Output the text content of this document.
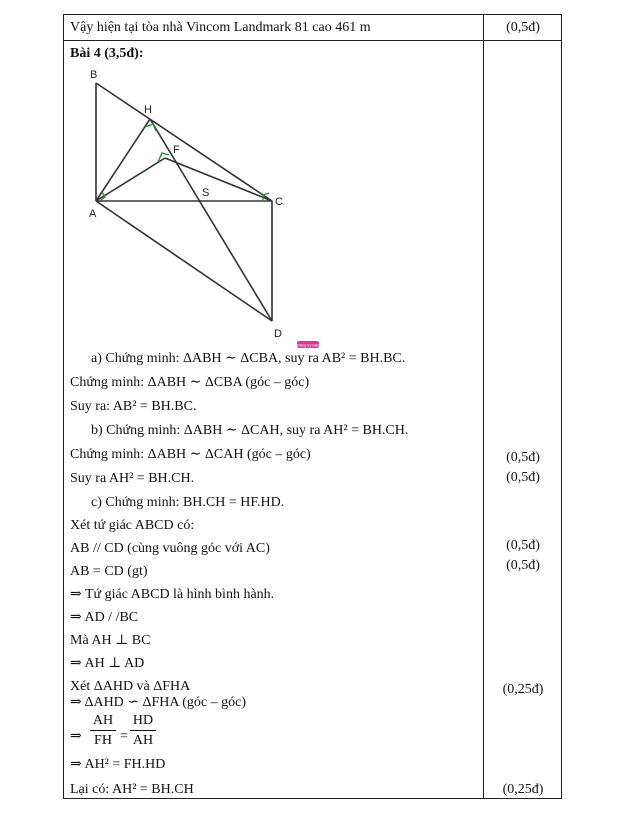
Vậy hiện tại tòa nhà Vincom Landmark 81 cao 461 m	(0,5đ)
Bài 4 (3,5đ):
B
H
F
S
A
C
D
Đăng ký bản
a) Chứng minh: ΔABH ∼ ΔCBA, suy ra AB² = BH.BC.
Chứng minh: ΔABH ∼ ΔCBA (góc – góc)
Suy ra: AB² = BH.BC.
b) Chứng minh: ΔABH ∼ ΔCAH, suy ra AH² = BH.CH.
Chứng minh: ΔABH ∼ ΔCAH (góc – góc)
Suy ra AH² = BH.CH.
c) Chứng minh: BH.CH = HF.HD.
Xét tứ giác ABCD có:
AB // CD (cùng vuông góc với AC)
AB = CD (gt)
⇒ Tứ giác ABCD là hình bình hành.
⇒ AD / /BC
Mà AH ⊥ BC
⇒ AH ⊥ AD
Xét ΔAHD và ΔFHA
⇒ ΔAHD ∽ ΔFHA (góc – góc)
⇒
AH
FH =
HD
AH
⇒ AH² = FH.HD
Lại có: AH² = BH.CH
(0,5đ)
(0,5đ)
(0,5đ)
(0,5đ)
(0,25đ)
(0,25đ)
